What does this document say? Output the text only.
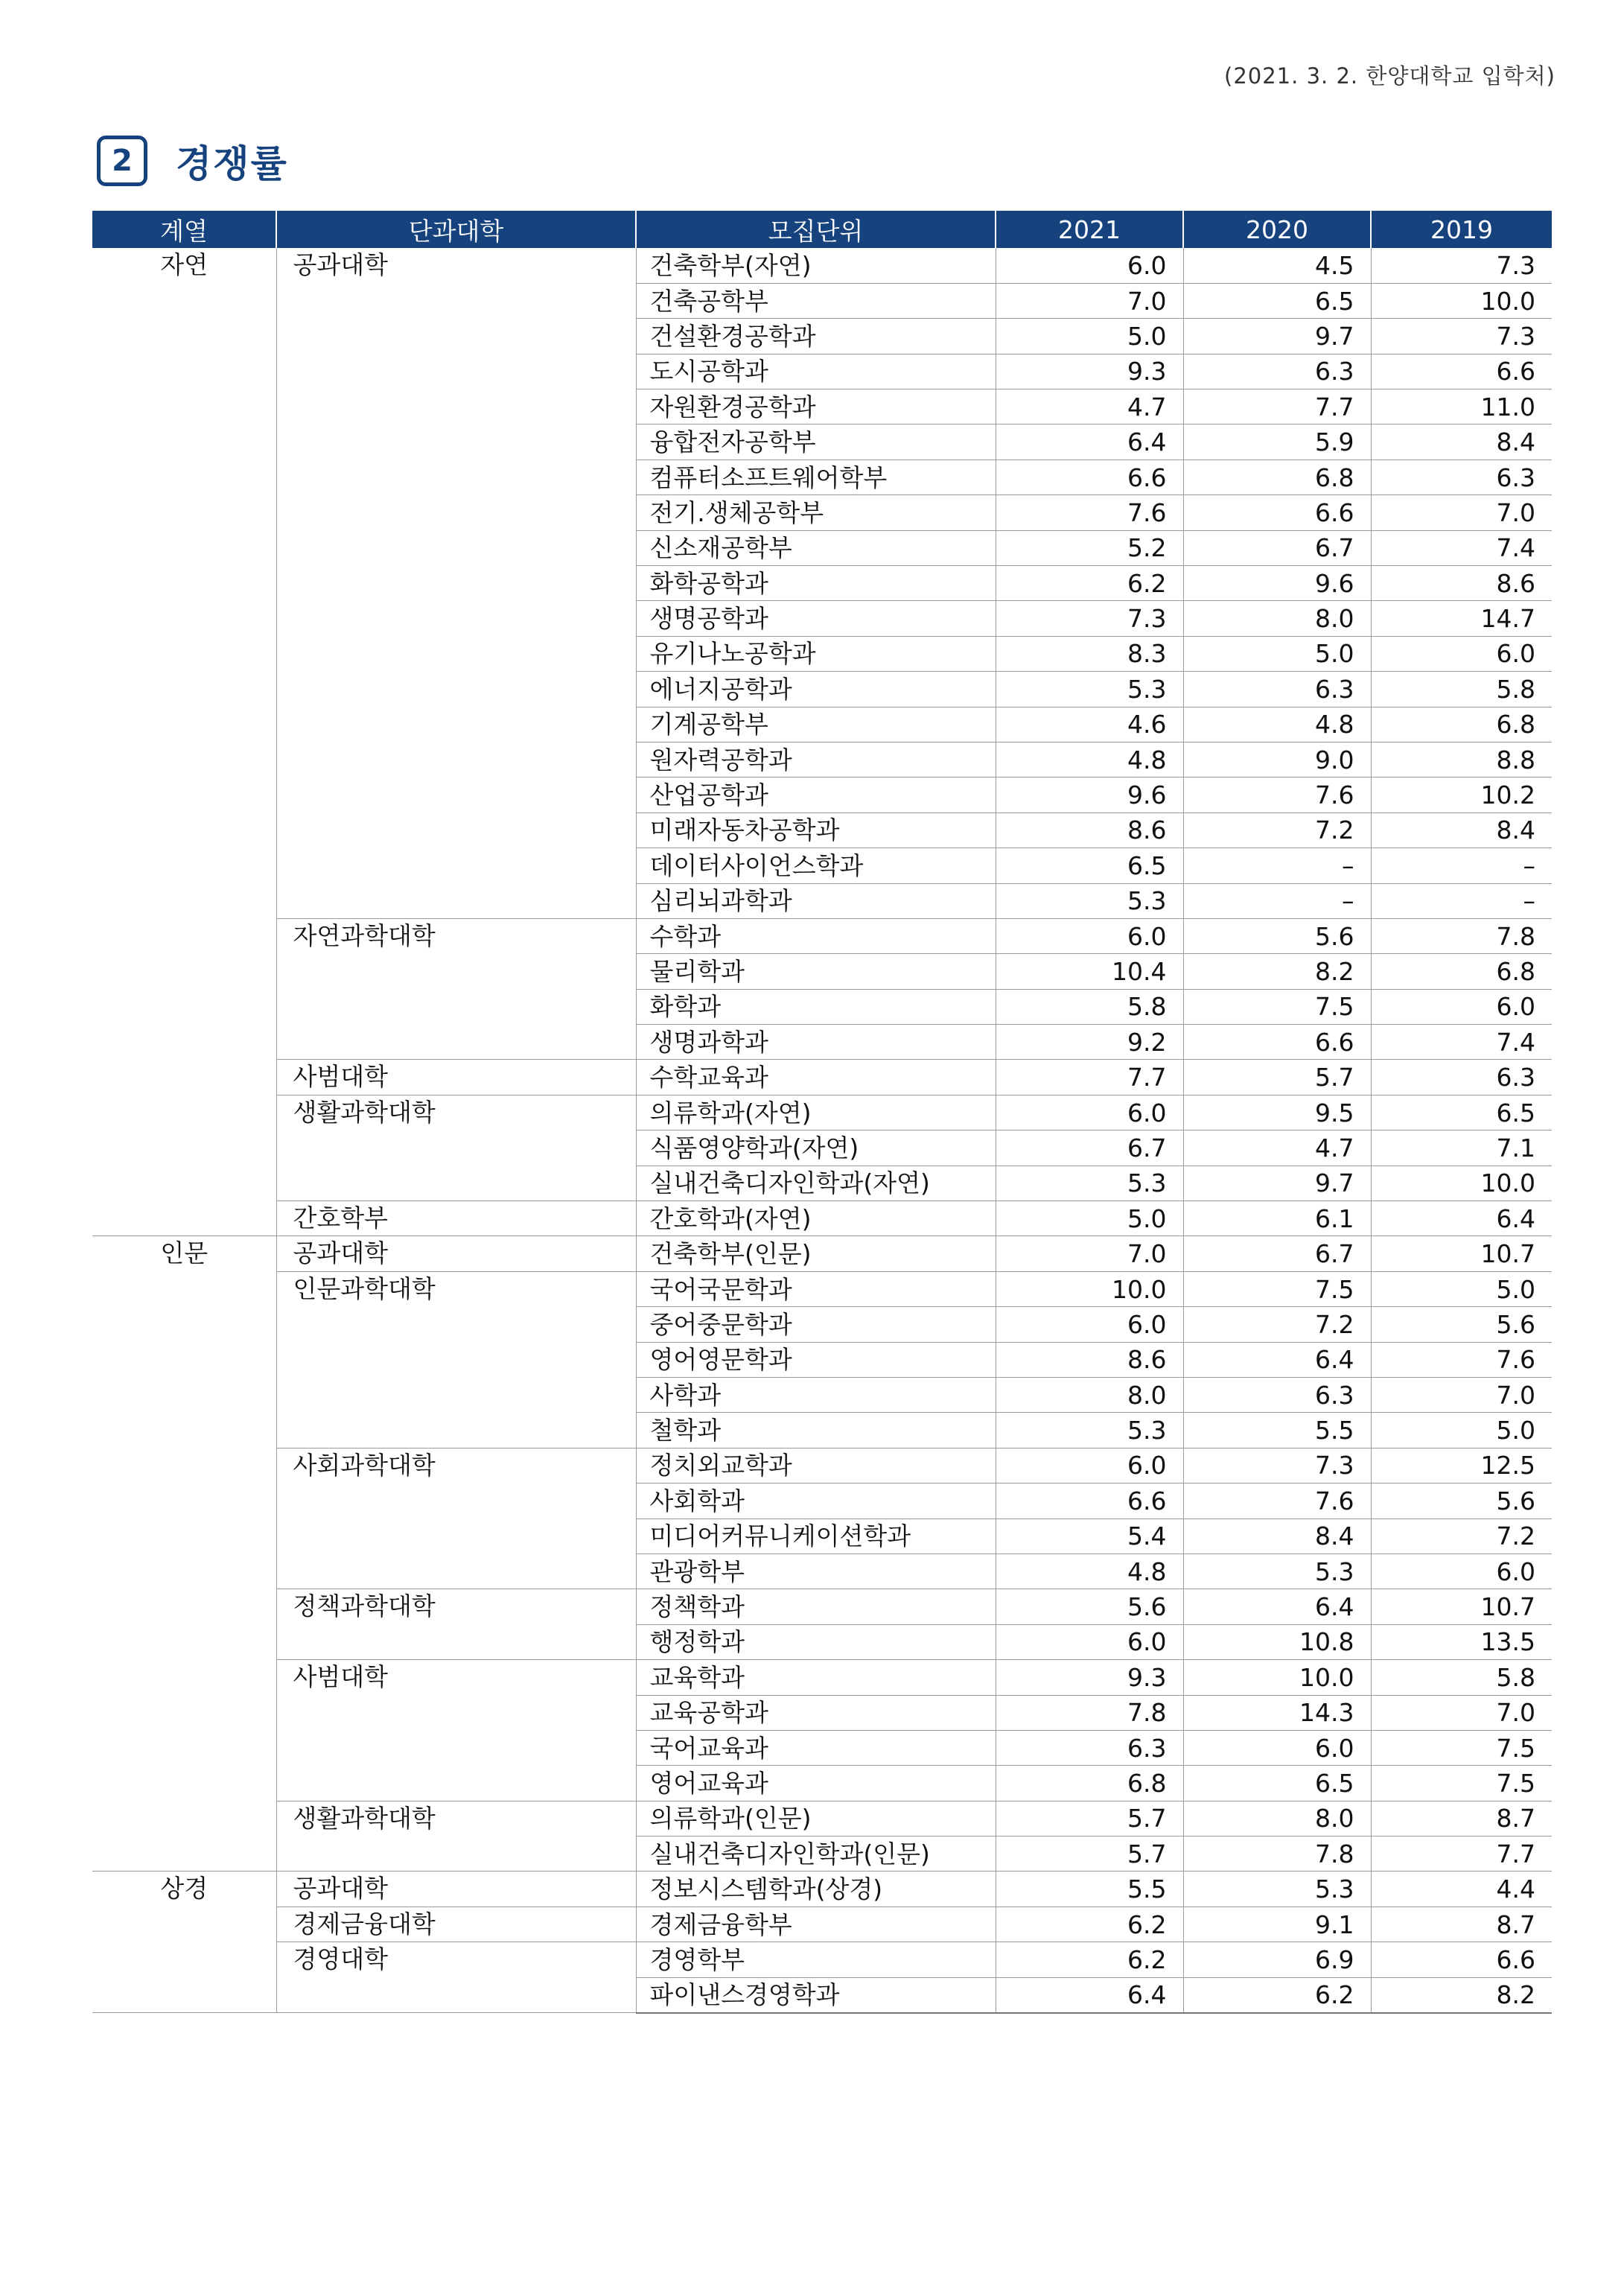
(2021. 3. 2. 한양대학교 입학처)
2	경쟁률
계열	단과대학	모집단위	2021	2020	2019
자연	공과대학	건축학부(자연)	6.0	4.5	7.3
		건축공학부	7.0	6.5	10.0
		건설환경공학과	5.0	9.7	7.3
		도시공학과	9.3	6.3	6.6
		자원환경공학과	4.7	7.7	11.0
		융합전자공학부	6.4	5.9	8.4
		컴퓨터소프트웨어학부	6.6	6.8	6.3
		전기.생체공학부	7.6	6.6	7.0
		신소재공학부	5.2	6.7	7.4
		화학공학과	6.2	9.6	8.6
		생명공학과	7.3	8.0	14.7
		유기나노공학과	8.3	5.0	6.0
		에너지공학과	5.3	6.3	5.8
		기계공학부	4.6	4.8	6.8
		원자력공학과	4.8	9.0	8.8
		산업공학과	9.6	7.6	10.2
		미래자동차공학과	8.6	7.2	8.4
		데이터사이언스학과	6.5	–	–
		심리뇌과학과	5.3	–	–
	자연과학대학	수학과	6.0	5.6	7.8
		물리학과	10.4	8.2	6.8
		화학과	5.8	7.5	6.0
		생명과학과	9.2	6.6	7.4
	사범대학	수학교육과	7.7	5.7	6.3
	생활과학대학	의류학과(자연)	6.0	9.5	6.5
		식품영양학과(자연)	6.7	4.7	7.1
		실내건축디자인학과(자연)	5.3	9.7	10.0
	간호학부	간호학과(자연)	5.0	6.1	6.4
인문	공과대학	건축학부(인문)	7.0	6.7	10.7
	인문과학대학	국어국문학과	10.0	7.5	5.0
		중어중문학과	6.0	7.2	5.6
		영어영문학과	8.6	6.4	7.6
		사학과	8.0	6.3	7.0
		철학과	5.3	5.5	5.0
	사회과학대학	정치외교학과	6.0	7.3	12.5
		사회학과	6.6	7.6	5.6
		미디어커뮤니케이션학과	5.4	8.4	7.2
		관광학부	4.8	5.3	6.0
	정책과학대학	정책학과	5.6	6.4	10.7
		행정학과	6.0	10.8	13.5
	사범대학	교육학과	9.3	10.0	5.8
		교육공학과	7.8	14.3	7.0
		국어교육과	6.3	6.0	7.5
		영어교육과	6.8	6.5	7.5
	생활과학대학	의류학과(인문)	5.7	8.0	8.7
		실내건축디자인학과(인문)	5.7	7.8	7.7
상경	공과대학	정보시스템학과(상경)	5.5	5.3	4.4
	경제금융대학	경제금융학부	6.2	9.1	8.7
	경영대학	경영학부	6.2	6.9	6.6
		파이낸스경영학과	6.4	6.2	8.2
